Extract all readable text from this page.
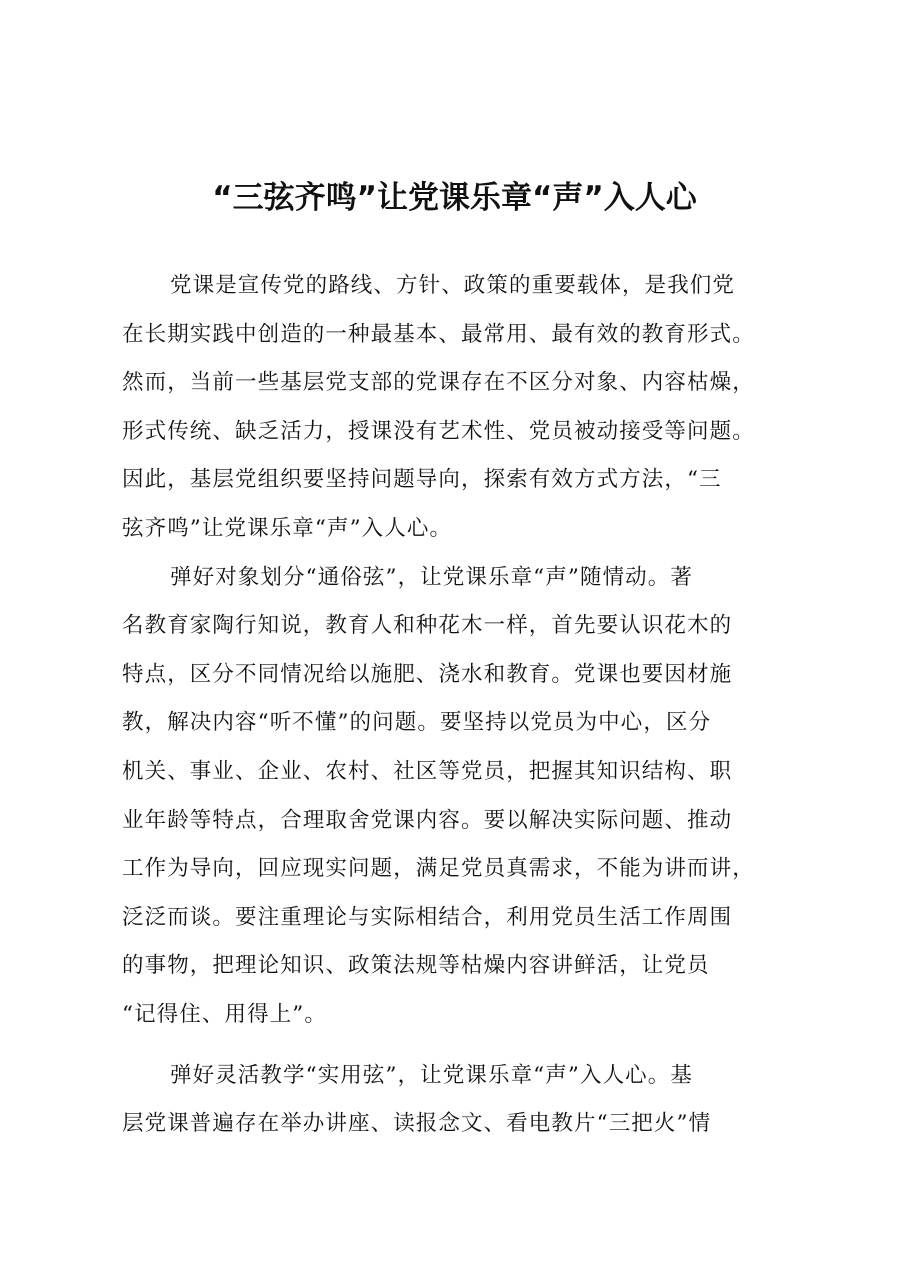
“三弦齐鸣”让党课乐章“声”入人心
党课是宣传党的路线、方针、政策的重要载体，是我们党
在长期实践中创造的一种最基本、最常用、最有效的教育形式。
然而，当前一些基层党支部的党课存在不区分对象、内容枯燥，
形式传统、缺乏活力，授课没有艺术性、党员被动接受等问题。
因此，基层党组织要坚持问题导向，探索有效方式方法，“三
弦齐鸣”让党课乐章“声”入人心。
弹好对象划分“通俗弦”，让党课乐章“声”随情动。著
名教育家陶行知说，教育人和种花木一样，首先要认识花木的
特点，区分不同情况给以施肥、浇水和教育。党课也要因材施
教，解决内容“听不懂”的问题。要坚持以党员为中心，区分
机关、事业、企业、农村、社区等党员，把握其知识结构、职
业年龄等特点，合理取舍党课内容。要以解决实际问题、推动
工作为导向，回应现实问题，满足党员真需求，不能为讲而讲，
泛泛而谈。要注重理论与实际相结合，利用党员生活工作周围
的事物，把理论知识、政策法规等枯燥内容讲鲜活，让党员
“记得住、用得上”。
弹好灵活教学“实用弦”，让党课乐章“声”入人心。基
层党课普遍存在举办讲座、读报念文、看电教片“三把火”情
